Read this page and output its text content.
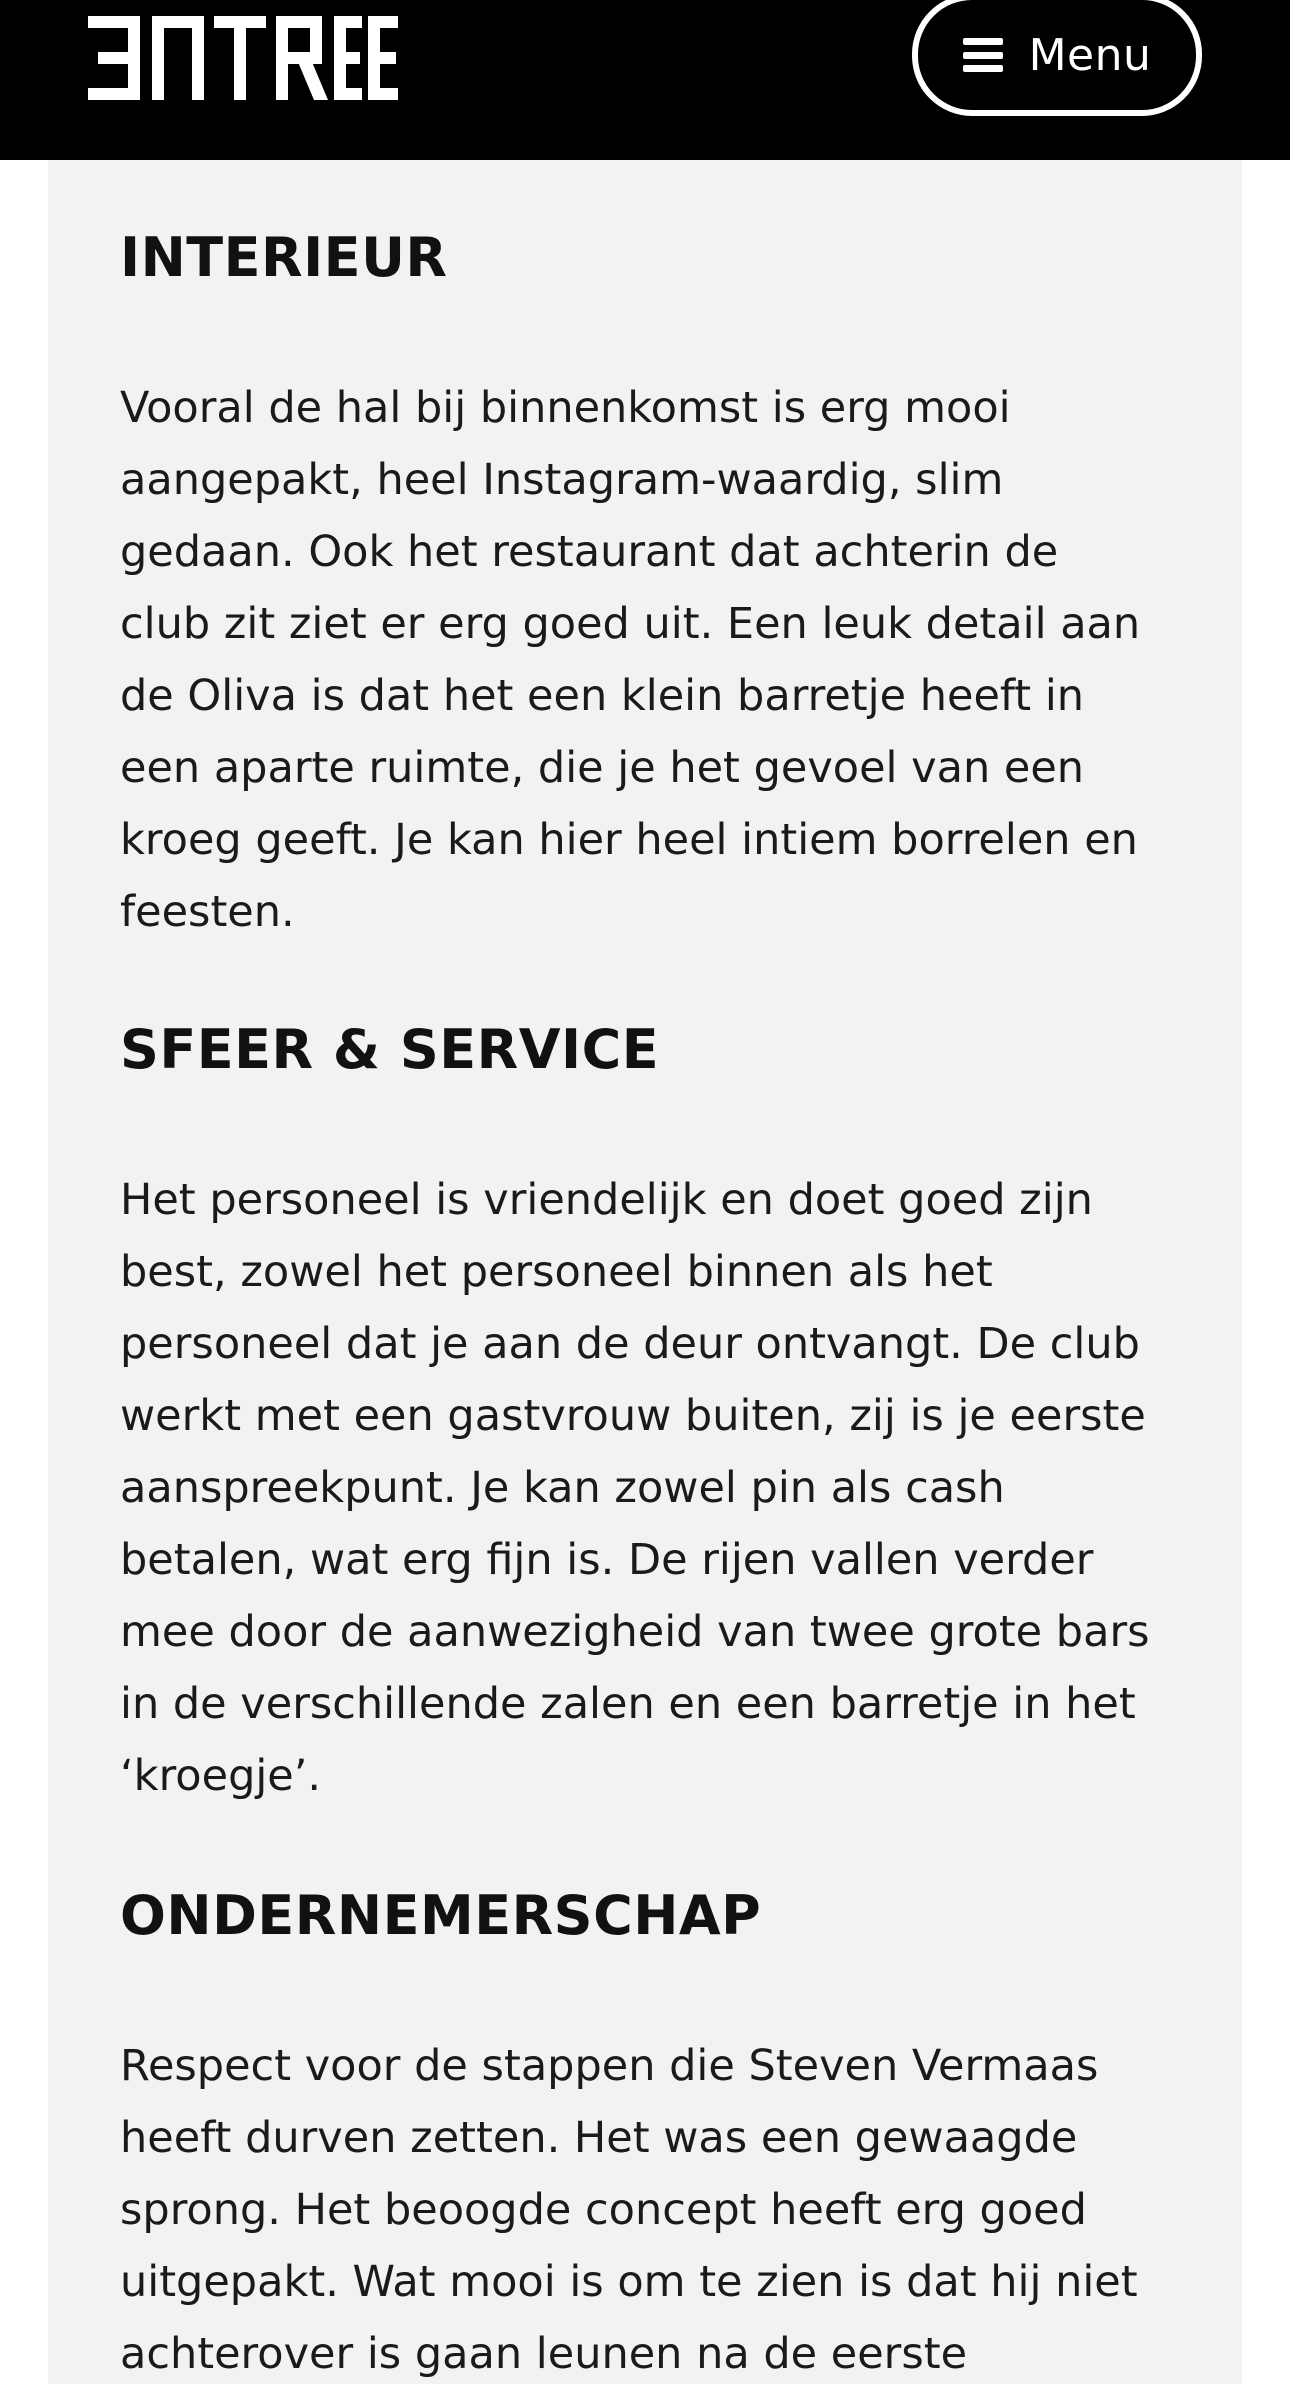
Menu
INTERIEUR

Vooral de hal bij binnenkomst is erg mooi aangepakt, heel Instagram-waardig, slim gedaan. Ook het restaurant dat achterin de club zit ziet er erg goed uit. Een leuk detail aan de Oliva is dat het een klein barretje heeft in een aparte ruimte, die je het gevoel van een kroeg geeft. Je kan hier heel intiem borrelen en feesten.

SFEER & SERVICE

Het personeel is vriendelijk en doet goed zijn best, zowel het personeel binnen als het personeel dat je aan de deur ontvangt. De club werkt met een gastvrouw buiten, zij is je eerste aanspreekpunt. Je kan zowel pin als cash betalen, wat erg fijn is. De rijen vallen verder mee door de aanwezigheid van twee grote bars in de verschillende zalen en een barretje in het ‘kroegje’.

ONDERNEMERSCHAP

Respect voor de stappen die Steven Vermaas heeft durven zetten. Het was een gewaagde sprong. Het beoogde concept heeft erg goed uitgepakt. Wat mooi is om te zien is dat hij niet achterover is gaan leunen na de eerste
